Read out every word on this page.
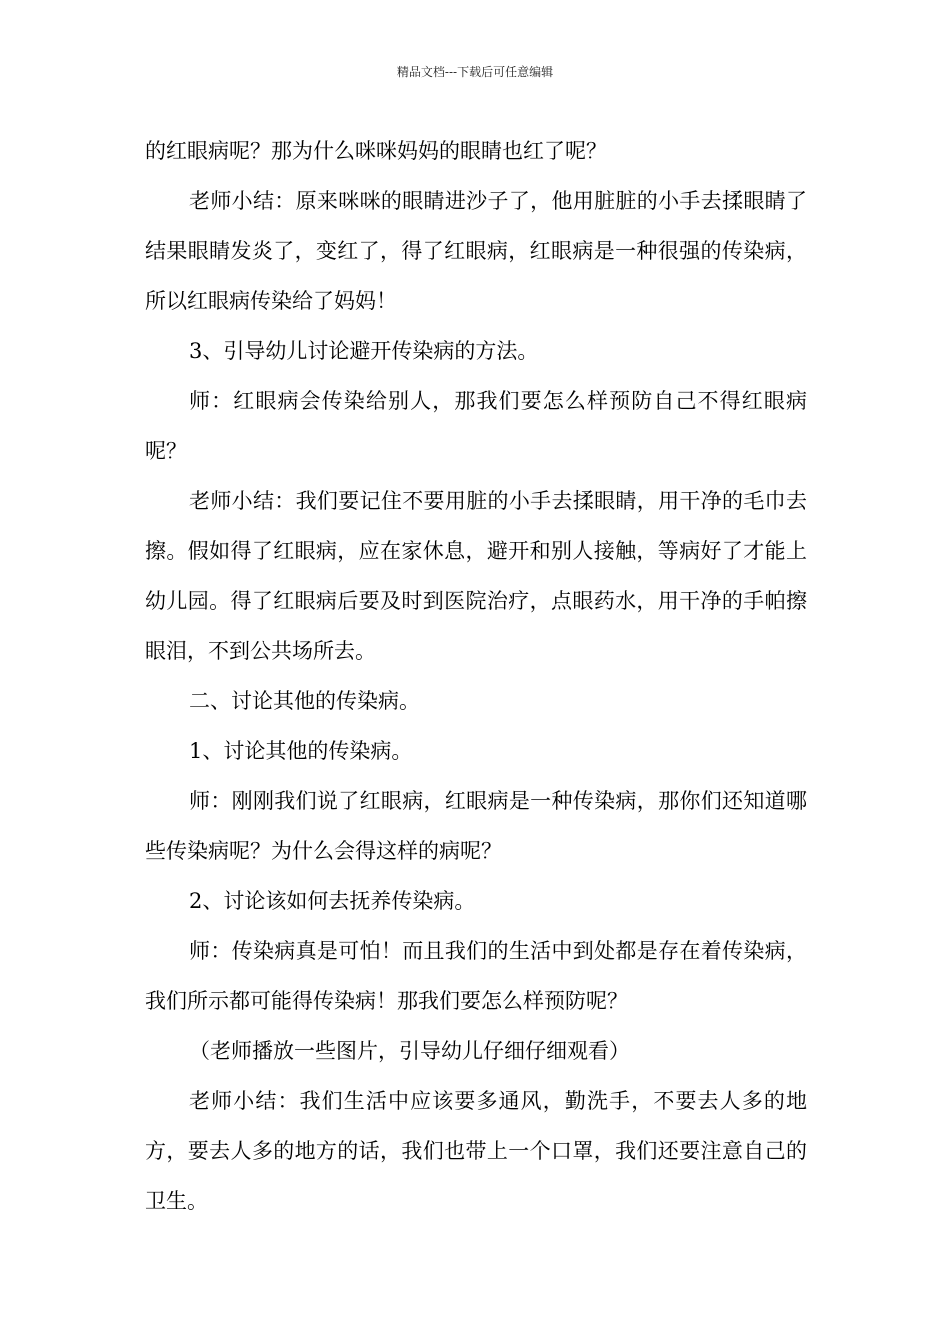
精品文档---下载后可任意编辑

的红眼病呢？那为什么咪咪妈妈的眼睛也红了呢？

老师小结：原来咪咪的眼睛进沙子了，他用脏脏的小手去揉眼睛了结果眼睛发炎了，变红了，得了红眼病，红眼病是一种很强的传染病，所以红眼病传染给了妈妈！

3、引导幼儿讨论避开传染病的方法。

师：红眼病会传染给别人，那我们要怎么样预防自己不得红眼病呢？

老师小结：我们要记住不要用脏的小手去揉眼睛，用干净的毛巾去擦。假如得了红眼病，应在家休息，避开和别人接触，等病好了才能上幼儿园。得了红眼病后要及时到医院治疗，点眼药水，用干净的手帕擦眼泪，不到公共场所去。

二、讨论其他的传染病。

1、讨论其他的传染病。

师：刚刚我们说了红眼病，红眼病是一种传染病，那你们还知道哪些传染病呢？为什么会得这样的病呢？

2、讨论该如何去抚养传染病。

师：传染病真是可怕！而且我们的生活中到处都是存在着传染病，我们所示都可能得传染病！那我们要怎么样预防呢？

（老师播放一些图片，引导幼儿仔细仔细观看）

老师小结：我们生活中应该要多通风，勤洗手，不要去人多的地方，要去人多的地方的话，我们也带上一个口罩，我们还要注意自己的卫生。
